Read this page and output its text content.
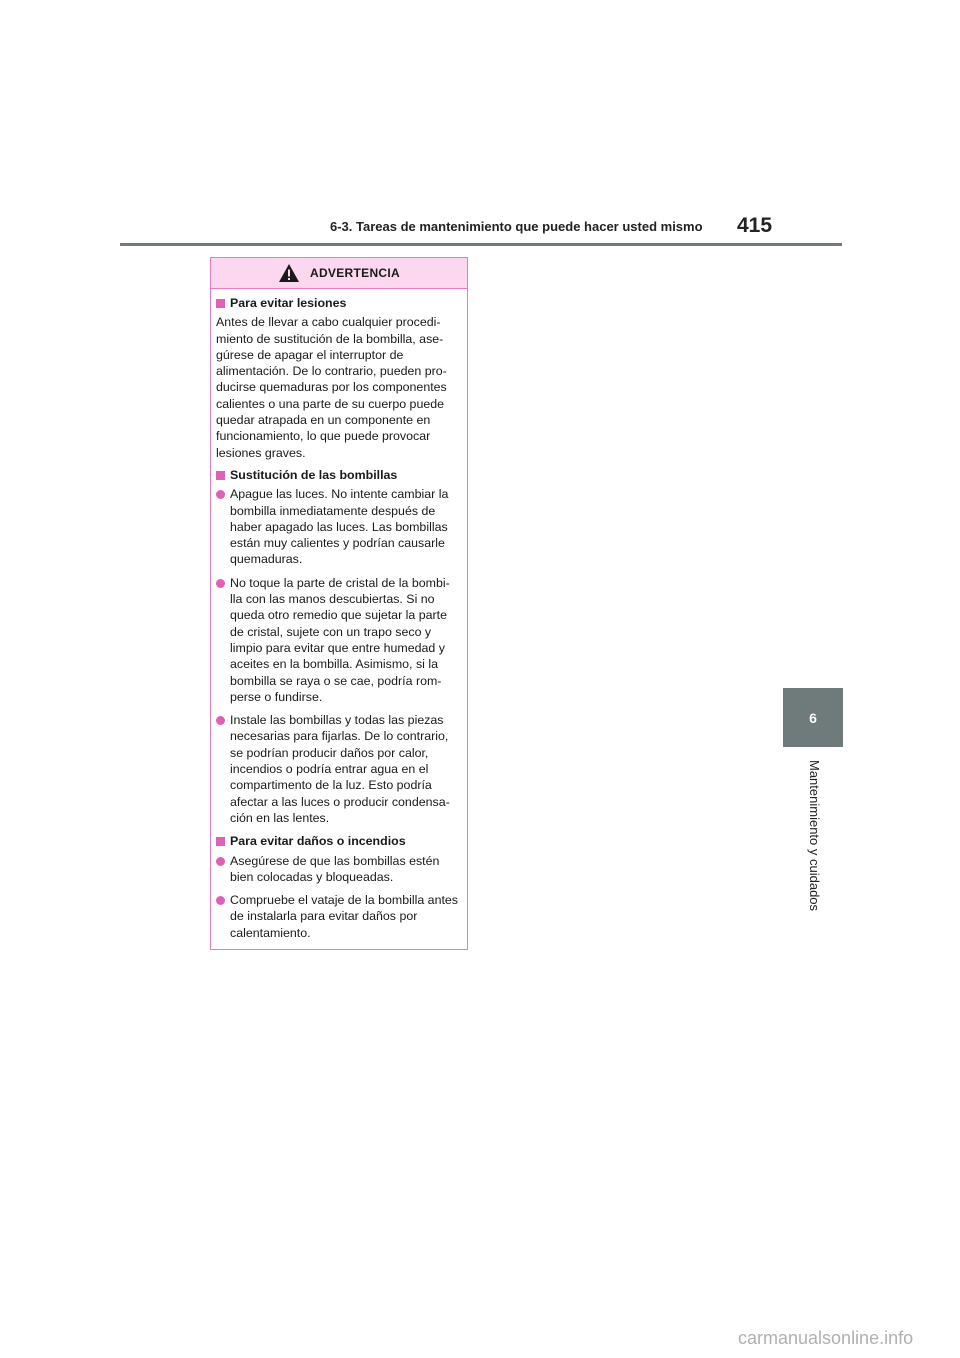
6-3. Tareas de mantenimiento que puede hacer usted mismo 415
6
Mantenimiento y cuidados
ADVERTENCIA
Para evitar lesiones

Antes de llevar a cabo cualquier procedi-miento de sustitución de la bombilla, ase-gúrese de apagar el interruptor de alimentación. De lo contrario, pueden pro-ducirse quemaduras por los componentes calientes o una parte de su cuerpo puede quedar atrapada en un componente en funcionamiento, lo que puede provocar lesiones graves.

Sustitución de las bombillas
Apague las luces. No intente cambiar la bombilla inmediatamente después de haber apagado las luces. Las bombillas están muy calientes y podrían causarle quemaduras.
No toque la parte de cristal de la bombi-lla con las manos descubiertas. Si no queda otro remedio que sujetar la parte de cristal, sujete con un trapo seco y limpio para evitar que entre humedad y aceites en la bombilla. Asimismo, si la bombilla se raya o se cae, podría rom-perse o fundirse.
Instale las bombillas y todas las piezas necesarias para fijarlas. De lo contrario, se podrían producir daños por calor, incendios o podría entrar agua en el compartimento de la luz. Esto podría afectar a las luces o producir condensa-ción en las lentes.
Para evitar daños o incendios
Asegúrese de que las bombillas estén bien colocadas y bloqueadas.
Compruebe el vataje de la bombilla antes de instalarla para evitar daños por calentamiento.
carmanualsonline.info
